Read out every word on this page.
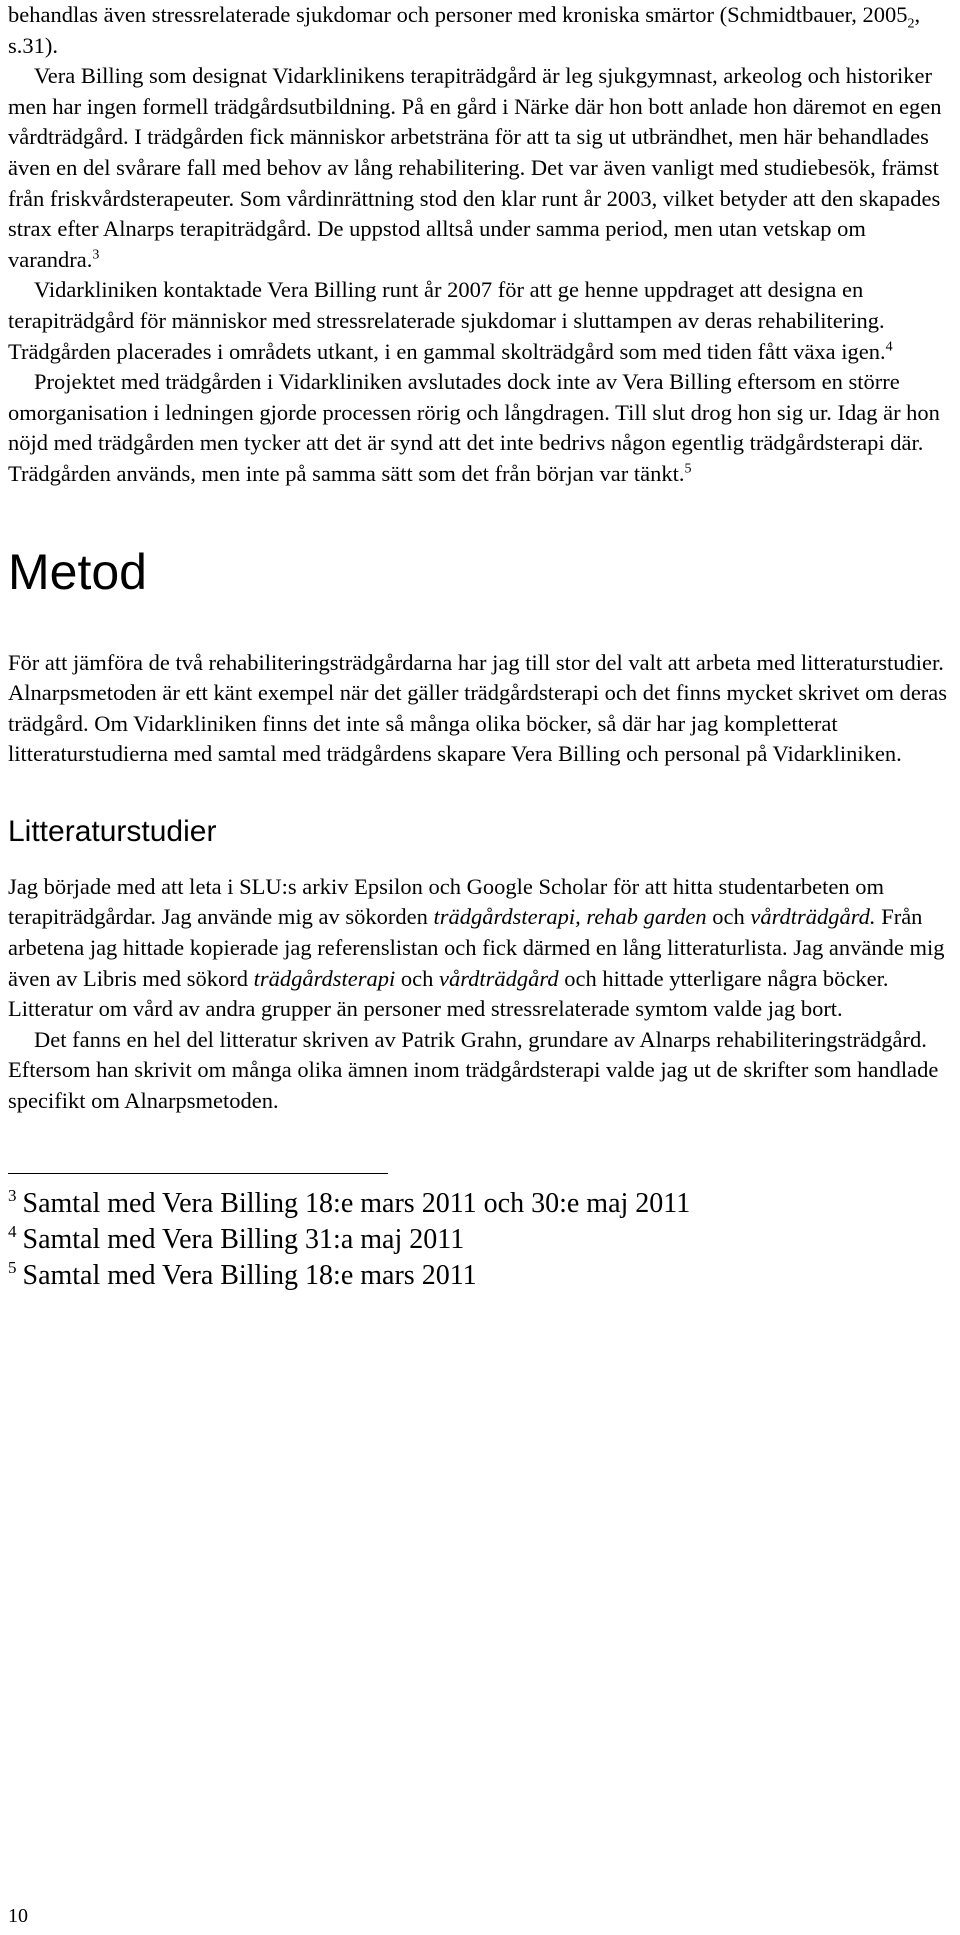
behandlas även stressrelaterade sjukdomar och personer med kroniska smärtor (Schmidtbauer, $2005_2$, s.31).

Vera Billing som designat Vidarklinikens terapiträdgård är leg sjukgymnast, arkeolog och historiker men har ingen formell trädgårdsutbildning. På en gård i Närke där hon bott anlade hon däremot en egen vårdträdgård. I trädgården fick människor arbetsträna för att ta sig ut utbrändhet, men här behandlades även en del svårare fall med behov av lång rehabilitering. Det var även vanligt med studiebesök, främst från friskvårdsterapeuter. Som vårdinrättning stod den klar runt år 2003, vilket betyder att den skapades strax efter Alnarps terapiträdgård. De uppstod alltså under samma period, men utan vetskap om varandra.$^3$

Vidarkliniken kontaktade Vera Billing runt år 2007 för att ge henne uppdraget att designa en terapiträdgård för människor med stressrelaterade sjukdomar i sluttampen av deras rehabilitering. Trädgården placerades i områdets utkant, i en gammal skolträdgård som med tiden fått växa igen.$^4$

Projektet med trädgården i Vidarkliniken avslutades dock inte av Vera Billing eftersom en större omorganisation i ledningen gjorde processen rörig och långdragen. Till slut drog hon sig ur. Idag är hon nöjd med trädgården men tycker att det är synd att det inte bedrivs någon egentlig trädgårdsterapi där. Trädgården används, men inte på samma sätt som det från början var tänkt.$^5$

Metod

För att jämföra de två rehabiliteringsträdgårdarna har jag till stor del valt att arbeta med litteraturstudier. Alnarpsmetoden är ett känt exempel när det gäller trädgårdsterapi och det finns mycket skrivet om deras trädgård. Om Vidarkliniken finns det inte så många olika böcker, så där har jag kompletterat litteraturstudierna med samtal med trädgårdens skapare Vera Billing och personal på Vidarkliniken.

Litteraturstudier

Jag började med att leta i SLU:s arkiv Epsilon och Google Scholar för att hitta studentarbeten om terapiträdgårdar. Jag använde mig av sökorden trädgårdsterapi, rehab garden och vårdträdgård. Från arbetena jag hittade kopierade jag referenslistan och fick därmed en lång litteraturlista. Jag använde mig även av Libris med sökord trädgårdsterapi och vårdträdgård och hittade ytterligare några böcker. Litteratur om vård av andra grupper än personer med stressrelaterade symtom valde jag bort.

Det fanns en hel del litteratur skriven av Patrik Grahn, grundare av Alnarps rehabiliteringsträdgård. Eftersom han skrivit om många olika ämnen inom trädgårdsterapi valde jag ut de skrifter som handlade specifikt om Alnarpsmetoden.

$^3$ Samtal med Vera Billing 18:e mars 2011 och 30:e maj 2011

$^4$ Samtal med Vera Billing 31:a maj 2011

$^5$ Samtal med Vera Billing 18:e mars 2011

10
